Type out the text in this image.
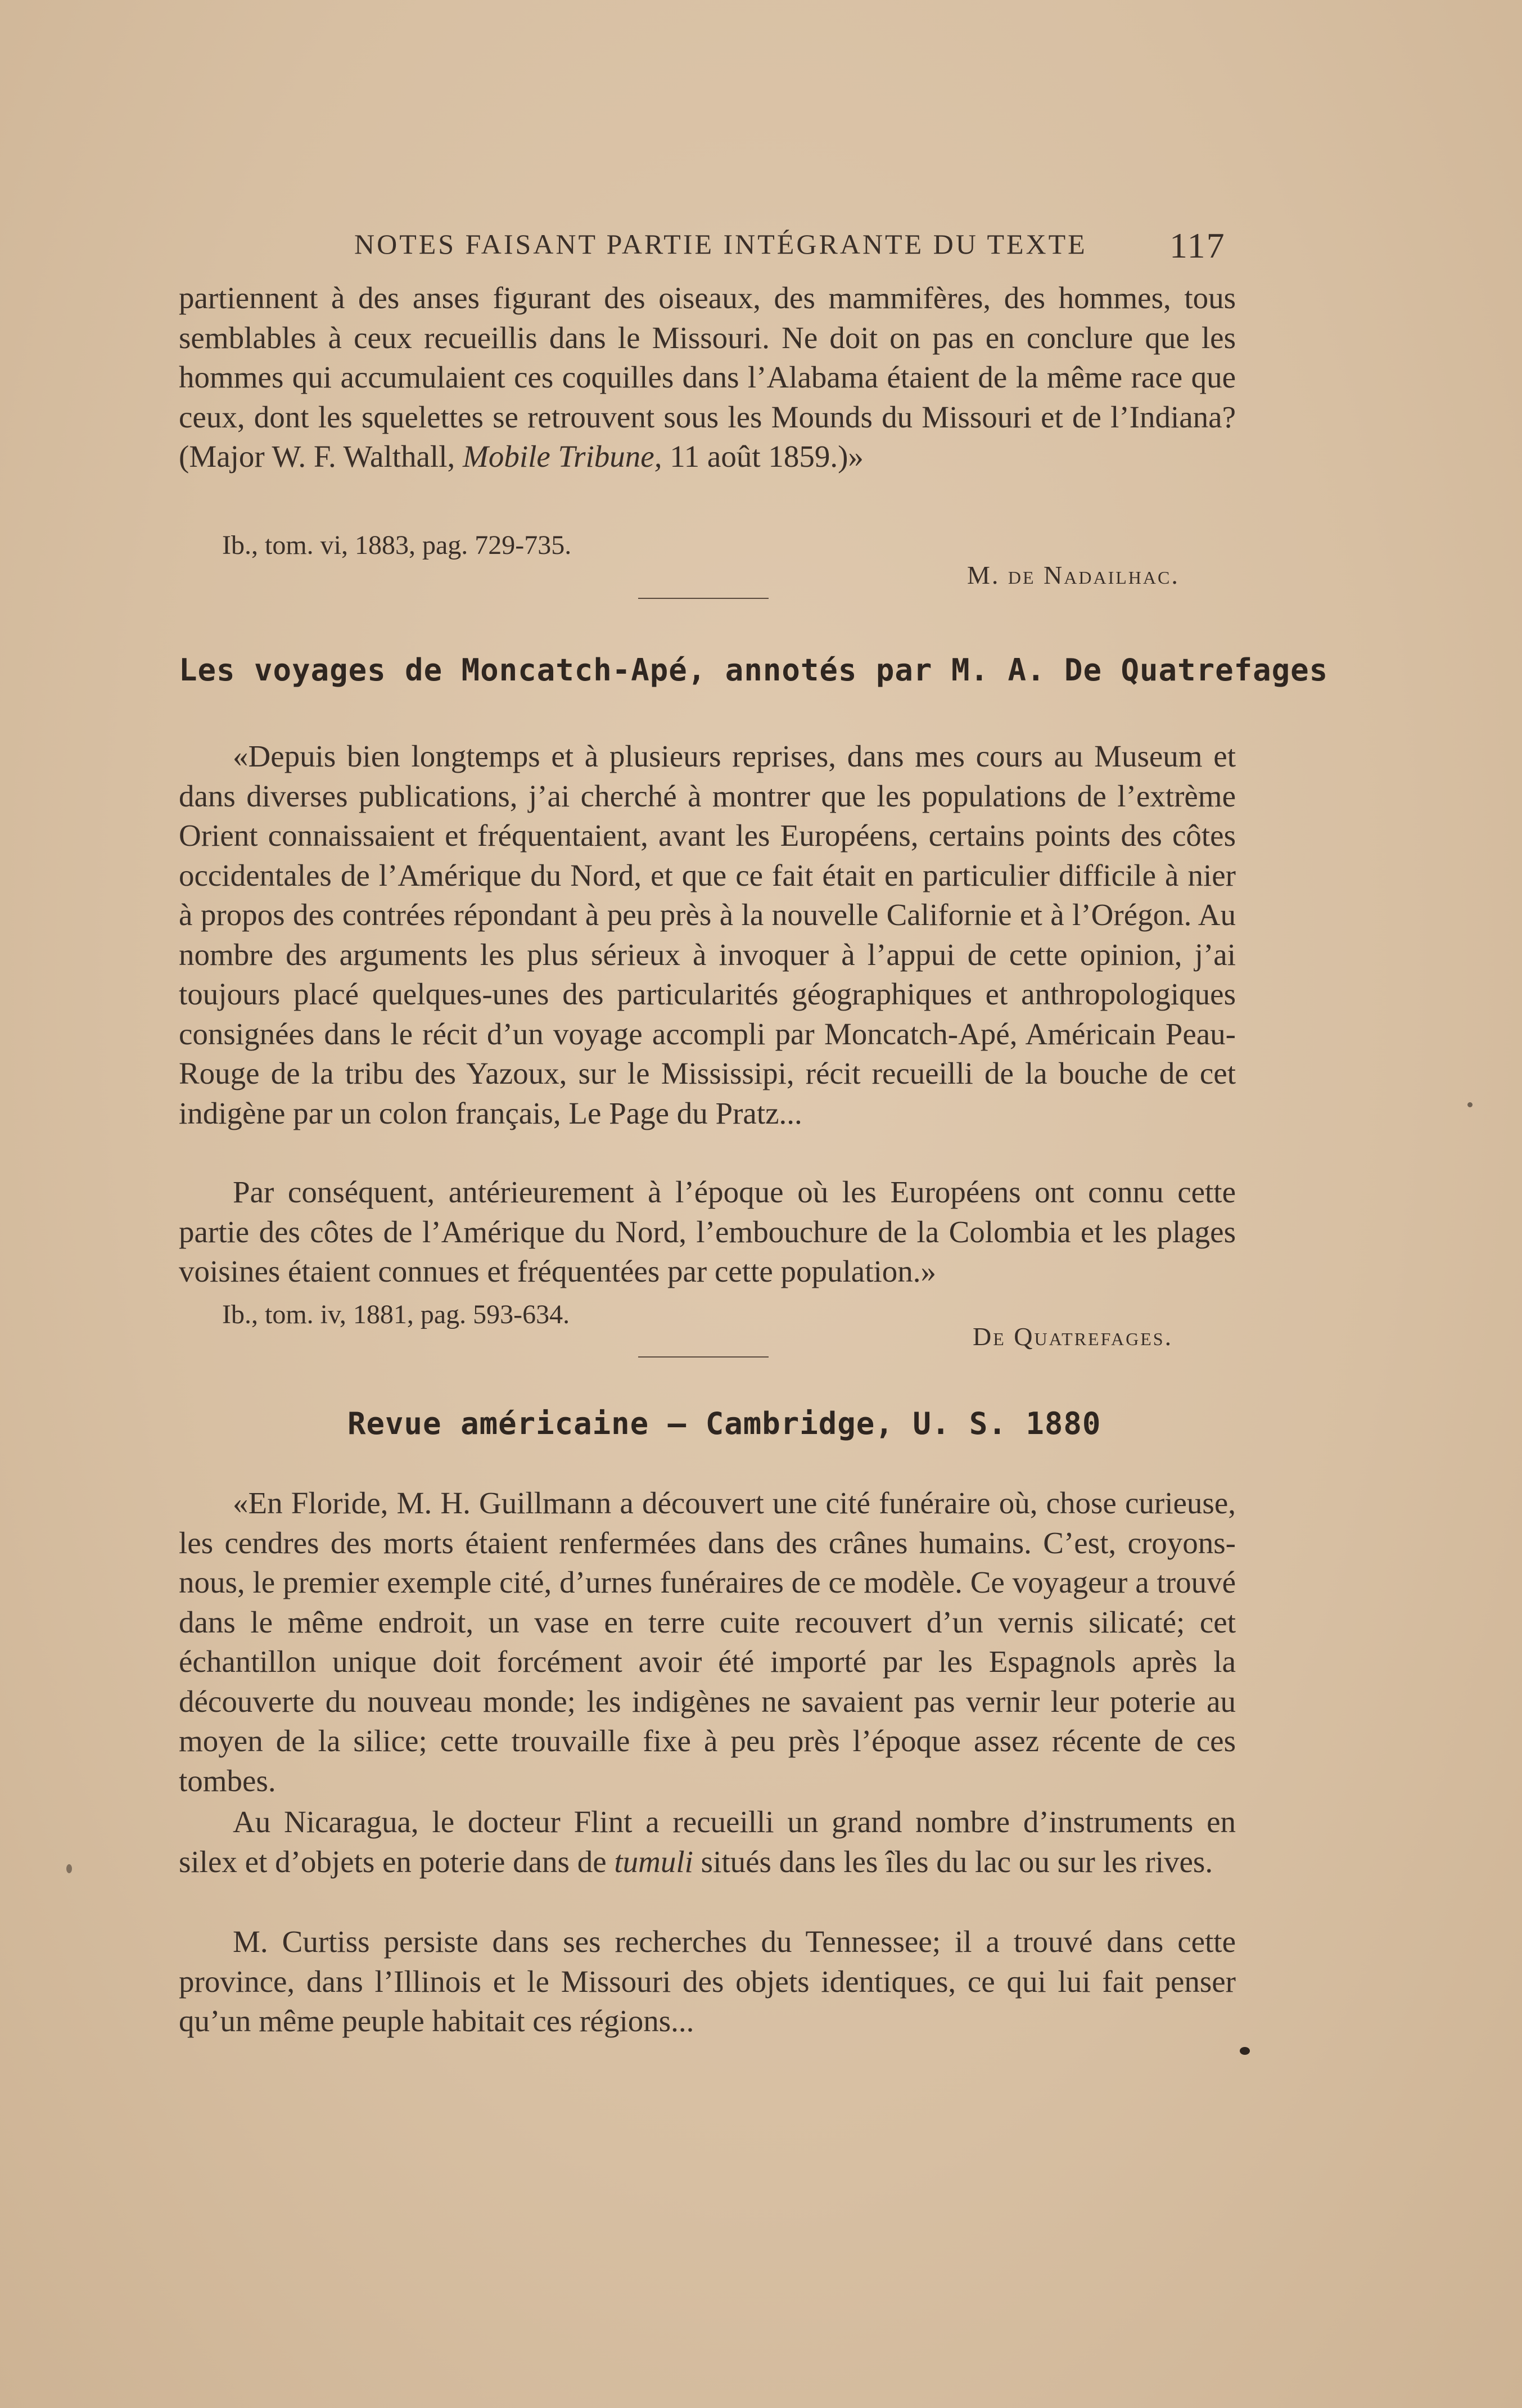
NOTES FAISANT PARTIE INTÉGRANTE DU TEXTE	117

partiennent à des anses figurant des oiseaux, des mammifères, des hommes, tous semblables à ceux recueillis dans le Missouri. Ne doit on pas en conclure que les hommes qui accumulaient ces coquilles dans l’Alabama étaient de la même race que ceux, dont les squelettes se retrouvent sous les Mounds du Missouri et de l’Indiana? (Major W. F. Walthall, Mobile Tribune, 11 août 1859.)»

Ib., tom. vi, 1883, pag. 729-735.
M. de Nadailhac.
Les voyages de Moncatch-Apé, annotés par M. A. De Quatrefages

«Depuis bien longtemps et à plusieurs reprises, dans mes cours au Museum et dans diverses publications, j’ai cherché à montrer que les populations de l’extrème Orient connaissaient et fréquentaient, avant les Européens, certains points des côtes occidentales de l’Amérique du Nord, et que ce fait était en particulier difficile à nier à propos des contrées répondant à peu près à la nouvelle Californie et à l’Orégon. Au nombre des arguments les plus sérieux à invoquer à l’appui de cette opinion, j’ai toujours placé quelques-unes des particularités géographiques et anthropologiques consignées dans le récit d’un voyage accompli par Moncatch-Apé, Américain Peau-Rouge de la tribu des Yazoux, sur le Mississipi, récit recueilli de la bouche de cet indigène par un colon français, Le Page du Pratz...

Par conséquent, antérieurement à l’époque où les Européens ont connu cette partie des côtes de l’Amérique du Nord, l’embouchure de la Colombia et les plages voisines étaient connues et fréquentées par cette population.»

Ib., tom. iv, 1881, pag. 593-634.
De Quatrefages.
Revue américaine — Cambridge, U. S. 1880

«En Floride, M. H. Guillmann a découvert une cité funéraire où, chose curieuse, les cendres des morts étaient renfermées dans des crânes humains. C’est, croyons-nous, le premier exemple cité, d’urnes funéraires de ce modèle. Ce voyageur a trouvé dans le même endroit, un vase en terre cuite recouvert d’un vernis silicaté; cet échantillon unique doit forcément avoir été importé par les Espagnols après la découverte du nouveau monde; les indigènes ne savaient pas vernir leur poterie au moyen de la silice; cette trouvaille fixe à peu près l’époque assez récente de ces tombes.

Au Nicaragua, le docteur Flint a recueilli un grand nombre d’instruments en silex et d’objets en poterie dans de tumuli situés dans les îles du lac ou sur les rives.

M. Curtiss persiste dans ses recherches du Tennessee; il a trouvé dans cette province, dans l’Illinois et le Missouri des objets identiques, ce qui lui fait penser qu’un même peuple habitait ces régions...
